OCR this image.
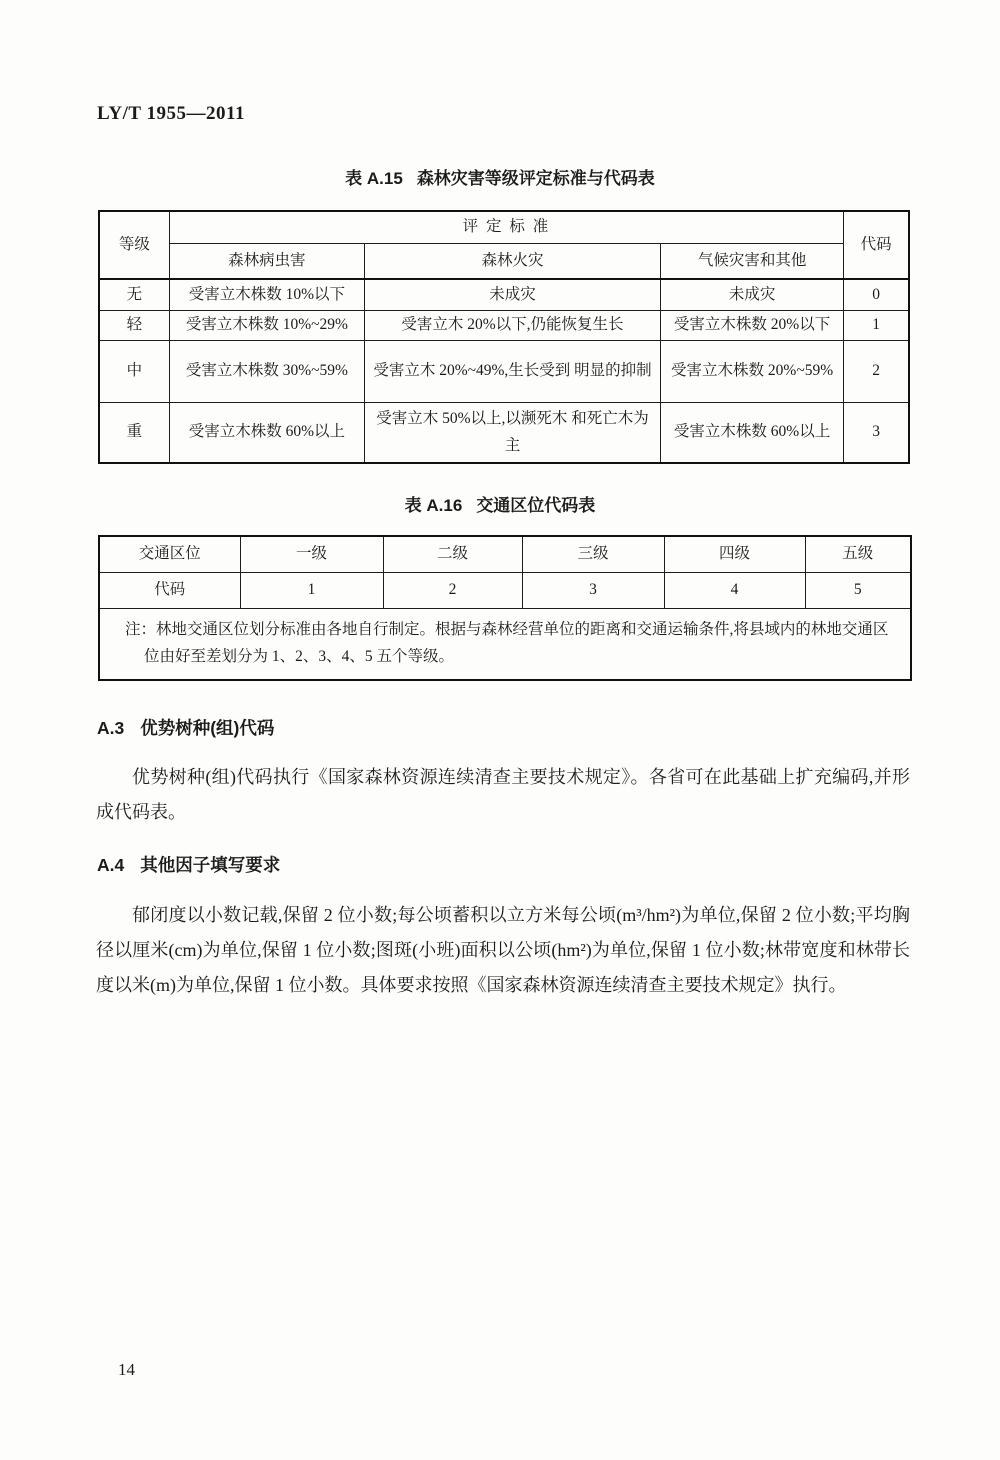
LY/T 1955—2011
表 A.15 森林灾害等级评定标准与代码表
等级	评 定 标 准			代码
	森林病虫害	森林火灾	气候灾害和其他	
无	受害立木株数 10%以下	未成灾	未成灾	0
轻	受害立木株数 10%~29%	受害立木 20%以下,仍能恢复生长	受害立木株数 20%以下	1
中	受害立木株数 30%~59%	受害立木 20%~49%,生长受到 明显的抑制	受害立木株数 20%~59%	2
重	受害立木株数 60%以上	受害立木 50%以上,以濒死木 和死亡木为主	受害立木株数 60%以上	3
表 A.16 交通区位代码表
交通区位	一级	二级	三级	四级	五级
代码	1	2	3	4	5
注：林地交通区位划分标准由各地自行制定。根据与森林经营单位的距离和交通运输条件,将县域内的林地交通区位由好至差划分为 1、2、3、4、5 五个等级。					
A.3 优势树种(组)代码
优势树种(组)代码执行《国家森林资源连续清查主要技术规定》。各省可在此基础上扩充编码,并形成代码表。
A.4 其他因子填写要求
郁闭度以小数记载,保留 2 位小数;每公顷蓄积以立方米每公顷(m³/hm²)为单位,保留 2 位小数;平均胸径以厘米(cm)为单位,保留 1 位小数;图斑(小班)面积以公顷(hm²)为单位,保留 1 位小数;林带宽度和林带长度以米(m)为单位,保留 1 位小数。具体要求按照《国家森林资源连续清查主要技术规定》执行。
14
